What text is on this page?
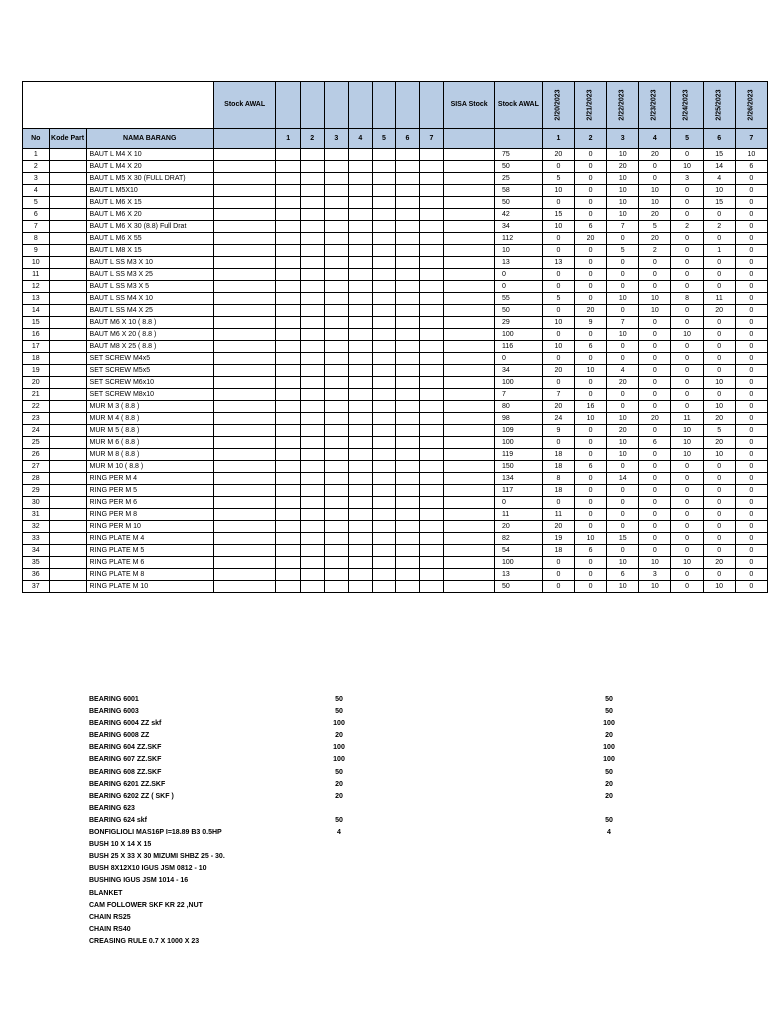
			Stock AWAL								SISA Stock	Stock AWAL	2/20/2023	2/21/2023	2/22/2023	2/23/2023	2/24/2023	2/25/2023	2/26/2023
No	Kode Part	NAMA BARANG		1	2	3	4	5	6	7			1	2	3	4	5	6	7
1		BAUT L M4 X 10										75	20	0	10	20	0	15	10
2		BAUT L M4 X 20										50	0	0	20	0	10	14	6
3		BAUT L M5 X 30 (FULL DRAT)										25	5	0	10	0	3	4	0
4		BAUT L M5X10										58	10	0	10	10	0	10	0
5		BAUT L M6 X 15										50	0	0	10	10	0	15	0
6		BAUT L M6 X 20										42	15	0	10	20	0	0	0
7		BAUT L M6 X 30 (8.8) Full Drat										34	10	6	7	5	2	2	0
8		BAUT L M6 X 55										112	0	20	0	20	0	0	0
9		BAUT L M8 X 15										10	0	0	5	2	0	1	0
10		BAUT L SS M3 X 10										13	13	0	0	0	0	0	0
11		BAUT L SS M3 X 25										0	0	0	0	0	0	0	0
12		BAUT L SS M3 X 5										0	0	0	0	0	0	0	0
13		BAUT L SS M4 X 10										55	5	0	10	10	8	11	0
14		BAUT L SS M4 X 25										50	0	20	0	10	0	20	0
15		BAUT M6 X 10 ( 8.8 )										29	10	9	7	0	0	0	0
16		BAUT M6 X 20 ( 8.8 )										100	0	0	10	0	10	0	0
17		BAUT M8 X 25 ( 8.8 )										116	10	6	0	0	0	0	0
18		SET SCREW M4x5										0	0	0	0	0	0	0	0
19		SET SCREW M5x5										34	20	10	4	0	0	0	0
20		SET SCREW M6x10										100	0	0	20	0	0	10	0
21		SET SCREW M8x10										7	7	0	0	0	0	0	0
22		MUR M 3 ( 8.8 )										80	20	16	0	0	0	10	0
23		MUR M 4 ( 8.8 )										98	24	10	10	20	11	20	0
24		MUR M 5 ( 8.8 )										109	9	0	20	0	10	5	0
25		MUR M 6 ( 8.8 )										100	0	0	10	6	10	20	0
26		MUR M 8 ( 8.8 )										119	18	0	10	0	10	10	0
27		MUR M 10 ( 8.8 )										150	18	6	0	0	0	0	0
28		RING PER M 4										134	8	0	14	0	0	0	0
29		RING PER M 5										117	18	0	0	0	0	0	0
30		RING PER M 6										0	0	0	0	0	0	0	0
31		RING PER M 8										11	11	0	0	0	0	0	0
32		RING PER M 10										20	20	0	0	0	0	0	0
33		RING PLATE M 4										82	19	10	15	0	0	0	0
34		RING PLATE M 5										54	18	6	0	0	0	0	0
35		RING PLATE M 6										100	0	0	10	10	10	20	0
36		RING PLATE M 8										13	0	0	6	3	0	0	0
37		RING PLATE M 10										50	0	0	10	10	0	10	0
BEARING 6001	50	50
BEARING 6003	50	50
BEARING 6004 ZZ skf	100	100
BEARING 6008 ZZ	20	20
BEARING 604 ZZ.SKF	100	100
BEARING 607 ZZ.SKF	100	100
BEARING 608 ZZ.SKF	50	50
BEARING 6201 ZZ.SKF	20	20
BEARING 6202 ZZ ( SKF )	20	20
BEARING 623
BEARING 624 skf	50	50
BONFIGLIOLI MAS16P I=18.89 B3 0.5HP	4	4
BUSH 10 X 14 X 15
BUSH 25 X 33 X 30 MIZUMI SHBZ 25 - 30.
BUSH 8X12X10 IGUS JSM 0812 - 10
BUSHING IGUS JSM 1014 - 16
BLANKET
CAM FOLLOWER SKF KR 22 ,NUT
CHAIN RS25
CHAIN RS40
CREASING RULE 0.7 X 1000 X 23
